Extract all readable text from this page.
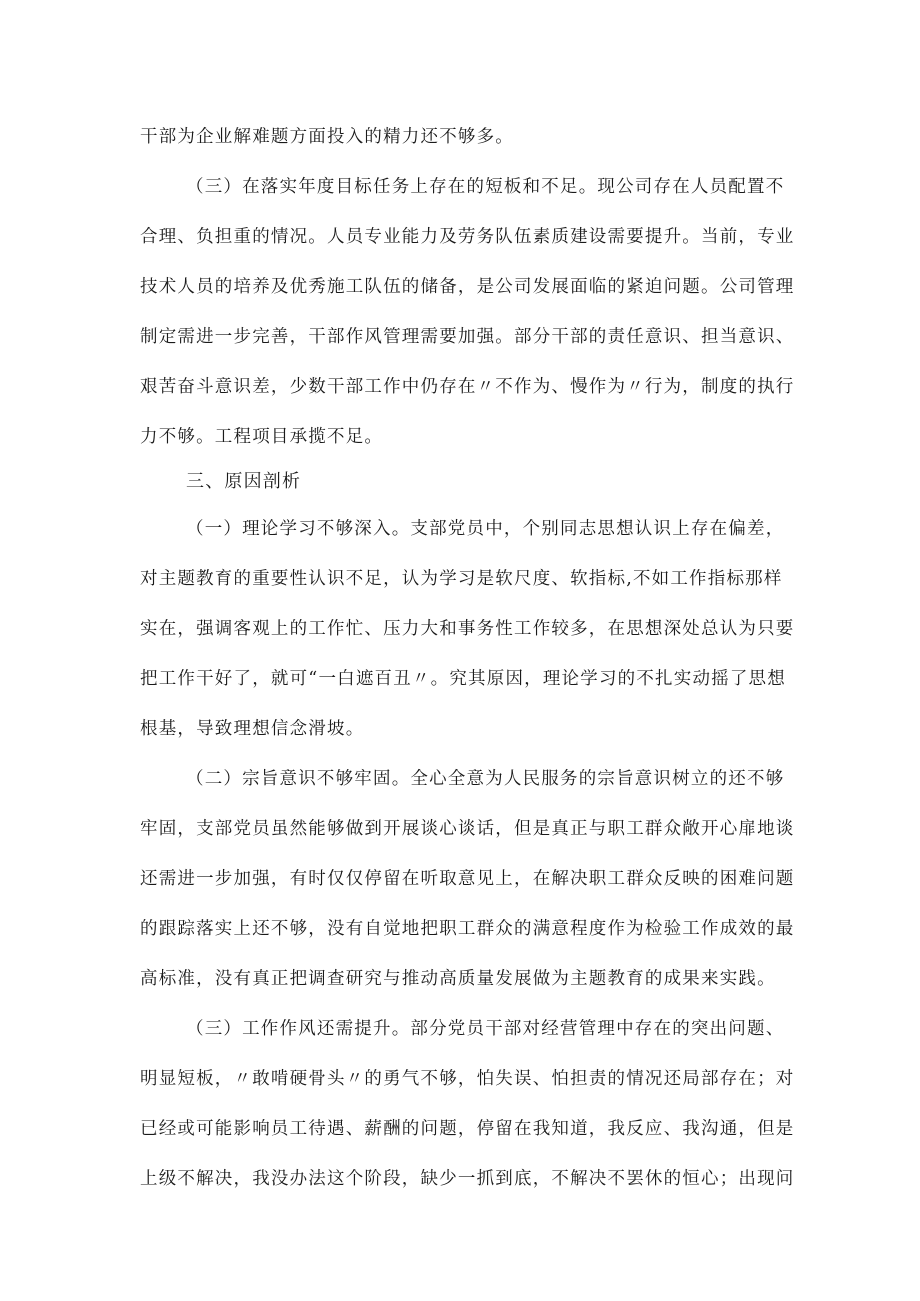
干部为企业解难题方面投入的精力还不够多。
（三）在落实年度目标任务上存在的短板和不足。现公司存在人员配置不
合理、负担重的情况。人员专业能力及劳务队伍素质建设需要提升。当前，专业
技术人员的培养及优秀施工队伍的储备，是公司发展面临的紧迫问题。公司管理
制定需进一步完善，干部作风管理需要加强。部分干部的责任意识、担当意识、
艰苦奋斗意识差，少数干部工作中仍存在〃不作为、慢作为〃行为，制度的执行
力不够。工程项目承揽不足。
三、原因剖析
（一）理论学习不够深入。支部党员中，个别同志思想认识上存在偏差，
对主题教育的重要性认识不足，认为学习是软尺度、软指标,不如工作指标那样
实在，强调客观上的工作忙、压力大和事务性工作较多，在思想深处总认为只要
把工作干好了，就可“一白遮百丑〃。究其原因，理论学习的不扎实动摇了思想
根基，导致理想信念滑坡。
（二）宗旨意识不够牢固。全心全意为人民服务的宗旨意识树立的还不够
牢固，支部党员虽然能够做到开展谈心谈话，但是真正与职工群众敞开心扉地谈
还需进一步加强，有时仅仅停留在听取意见上，在解决职工群众反映的困难问题
的跟踪落实上还不够，没有自觉地把职工群众的满意程度作为检验工作成效的最
高标准，没有真正把调查研究与推动高质量发展做为主题教育的成果来实践。
（三）工作作风还需提升。部分党员干部对经营管理中存在的突出问题、
明显短板，〃敢啃硬骨头〃的勇气不够，怕失误、怕担责的情况还局部存在；对
已经或可能影响员工待遇、薪酬的问题，停留在我知道，我反应、我沟通，但是
上级不解决，我没办法这个阶段，缺少一抓到底，不解决不罢休的恒心；出现问
